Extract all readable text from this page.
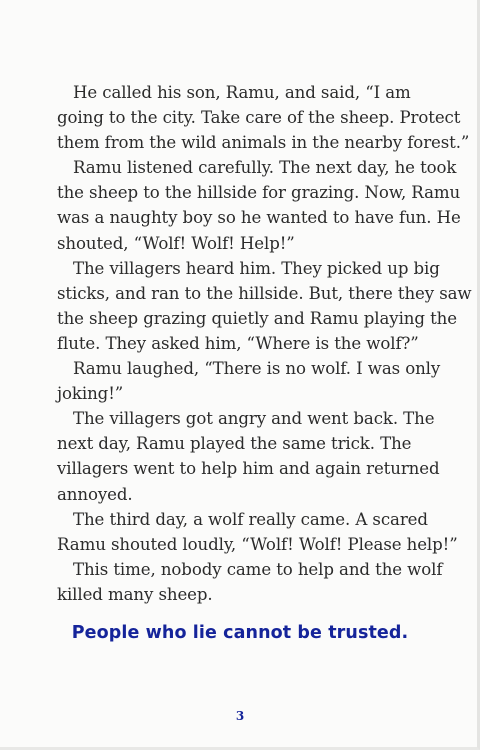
He called his son, Ramu, and said, “I am
going to the city. Take care of the sheep. Protect
them from the wild animals in the nearby forest.”

Ramu listened carefully. The next day, he took
the sheep to the hillside for grazing. Now, Ramu
was a naughty boy so he wanted to have fun. He
shouted, “Wolf! Wolf! Help!”

The villagers heard him. They picked up big
sticks, and ran to the hillside. But, there they saw
the sheep grazing quietly and Ramu playing the
flute. They asked him, “Where is the wolf?”

Ramu laughed, “There is no wolf. I was only
joking!”

The villagers got angry and went back. The
next day, Ramu played the same trick. The
villagers went to help him and again returned
annoyed.

The third day, a wolf really came. A scared
Ramu shouted loudly, “Wolf! Wolf! Please help!”

This time, nobody came to help and the wolf
killed many sheep.

People who lie cannot be trusted.
3
